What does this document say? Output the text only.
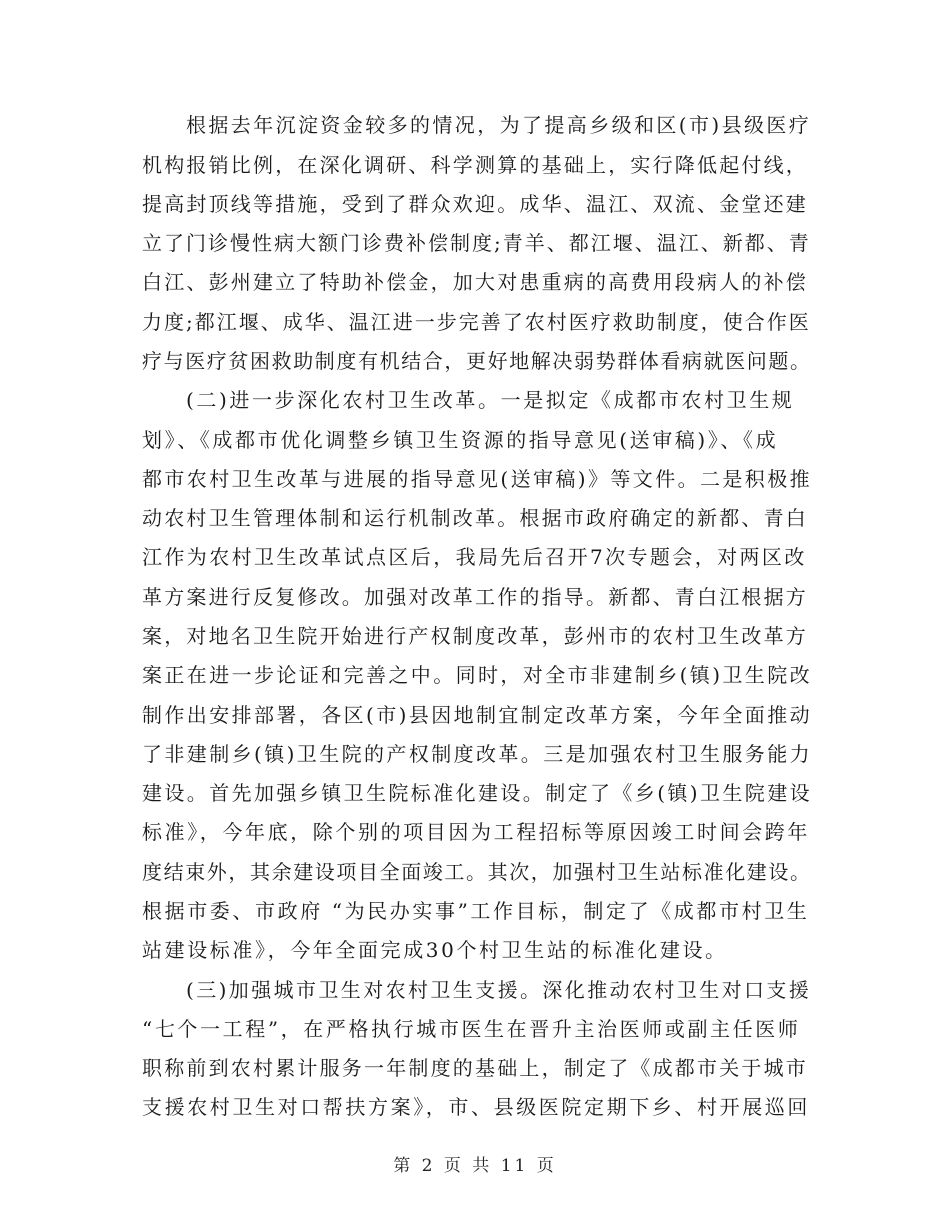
根据去年沉淀资金较多的情况，为了提高乡级和区(市)县级医疗
机构报销比例，在深化调研、科学测算的基础上，实行降低起付线，
提高封顶线等措施，受到了群众欢迎。成华、温江、双流、金堂还建
立了门诊慢性病大额门诊费补偿制度;青羊、都江堰、温江、新都、青
白江、彭州建立了特助补偿金，加大对患重病的高费用段病人的补偿
力度;都江堰、成华、温江进一步完善了农村医疗救助制度，使合作医
疗与医疗贫困救助制度有机结合，更好地解决弱势群体看病就医问题。
(二)进一步深化农村卫生改革。一是拟定《成都市农村卫生规
划》、《成都市优化调整乡镇卫生资源的指导意见(送审稿)》、《成
都市农村卫生改革与进展的指导意见(送审稿)》等文件。二是积极推
动农村卫生管理体制和运行机制改革。根据市政府确定的新都、青白
江作为农村卫生改革试点区后，我局先后召开7次专题会，对两区改
革方案进行反复修改。加强对改革工作的指导。新都、青白江根据方
案，对地名卫生院开始进行产权制度改革，彭州市的农村卫生改革方
案正在进一步论证和完善之中。同时，对全市非建制乡(镇)卫生院改
制作出安排部署，各区(市)县因地制宜制定改革方案，今年全面推动
了非建制乡(镇)卫生院的产权制度改革。三是加强农村卫生服务能力
建设。首先加强乡镇卫生院标准化建设。制定了《乡(镇)卫生院建设
标准》，今年底，除个别的项目因为工程招标等原因竣工时间会跨年
度结束外，其余建设项目全面竣工。其次，加强村卫生站标准化建设。
根据市委、市政府 “为民办实事”工作目标，制定了《成都市村卫生
站建设标准》，今年全面完成30个村卫生站的标准化建设。
(三)加强城市卫生对农村卫生支援。深化推动农村卫生对口支援
“七个一工程”，在严格执行城市医生在晋升主治医师或副主任医师
职称前到农村累计服务一年制度的基础上，制定了《成都市关于城市
支援农村卫生对口帮扶方案》，市、县级医院定期下乡、村开展巡回
第 2 页 共 11 页
